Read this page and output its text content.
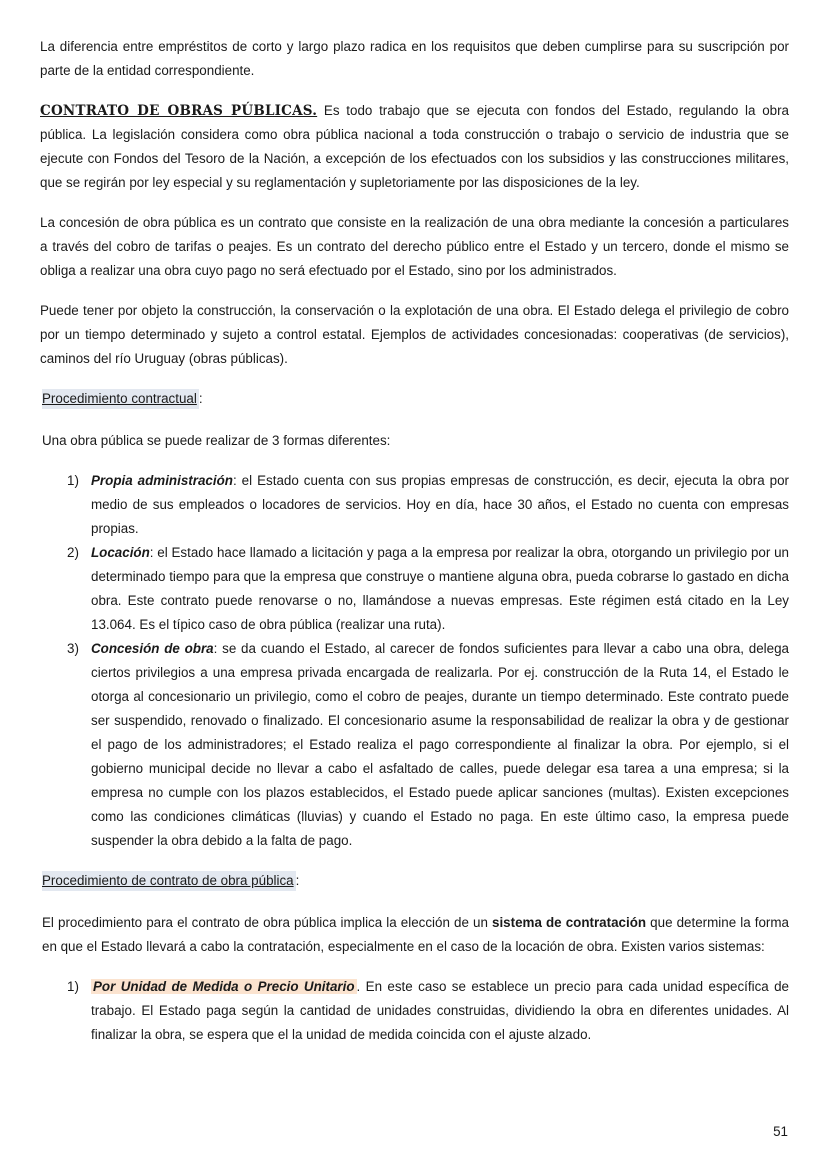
La diferencia entre empréstitos de corto y largo plazo radica en los requisitos que deben cumplirse para su suscripción por parte de la entidad correspondiente.

CONTRATO DE OBRAS PÚBLICAS. Es todo trabajo que se ejecuta con fondos del Estado, regulando la obra pública. La legislación considera como obra pública nacional a toda construcción o trabajo o servicio de industria que se ejecute con Fondos del Tesoro de la Nación, a excepción de los efectuados con los subsidios y las construcciones militares, que se regirán por ley especial y su reglamentación y supletoriamente por las disposiciones de la ley.

La concesión de obra pública es un contrato que consiste en la realización de una obra mediante la concesión a particulares a través del cobro de tarifas o peajes. Es un contrato del derecho público entre el Estado y un tercero, donde el mismo se obliga a realizar una obra cuyo pago no será efectuado por el Estado, sino por los administrados.

Puede tener por objeto la construcción, la conservación o la explotación de una obra. El Estado delega el privilegio de cobro por un tiempo determinado y sujeto a control estatal. Ejemplos de actividades concesionadas: cooperativas (de servicios), caminos del río Uruguay (obras públicas).

Procedimiento contractual :

Una obra pública se puede realizar de 3 formas diferentes:

1) Propia administración: el Estado cuenta con sus propias empresas de construcción, es decir, ejecuta la obra por medio de sus empleados o locadores de servicios. Hoy en día, hace 30 años, el Estado no cuenta con empresas propias.
2) Locación: el Estado hace llamado a licitación y paga a la empresa por realizar la obra, otorgando un privilegio por un determinado tiempo para que la empresa que construye o mantiene alguna obra, pueda cobrarse lo gastado en dicha obra. Este contrato puede renovarse o no, llamándose a nuevas empresas. Este régimen está citado en la Ley 13.064. Es el típico caso de obra pública (realizar una ruta).
3) Concesión de obra: se da cuando el Estado, al carecer de fondos suficientes para llevar a cabo una obra, delega ciertos privilegios a una empresa privada encargada de realizarla. Por ej. construcción de la Ruta 14, el Estado le otorga al concesionario un privilegio, como el cobro de peajes, durante un tiempo determinado. Este contrato puede ser suspendido, renovado o finalizado. El concesionario asume la responsabilidad de realizar la obra y de gestionar el pago de los administradores; el Estado realiza el pago correspondiente al finalizar la obra. Por ejemplo, si el gobierno municipal decide no llevar a cabo el asfaltado de calles, puede delegar esa tarea a una empresa; si la empresa no cumple con los plazos establecidos, el Estado puede aplicar sanciones (multas). Existen excepciones como las condiciones climáticas (lluvias) y cuando el Estado no paga. En este último caso, la empresa puede suspender la obra debido a la falta de pago.
Procedimiento de contrato de obra pública :

El procedimiento para el contrato de obra pública implica la elección de un sistema de contratación que determine la forma en que el Estado llevará a cabo la contratación, especialmente en el caso de la locación de obra. Existen varios sistemas:

1) Por Unidad de Medida o Precio Unitario . En este caso se establece un precio para cada unidad específica de trabajo. El Estado paga según la cantidad de unidades construidas, dividiendo la obra en diferentes unidades. Al finalizar la obra, se espera que el la unidad de medida coincida con el ajuste alzado.
51
